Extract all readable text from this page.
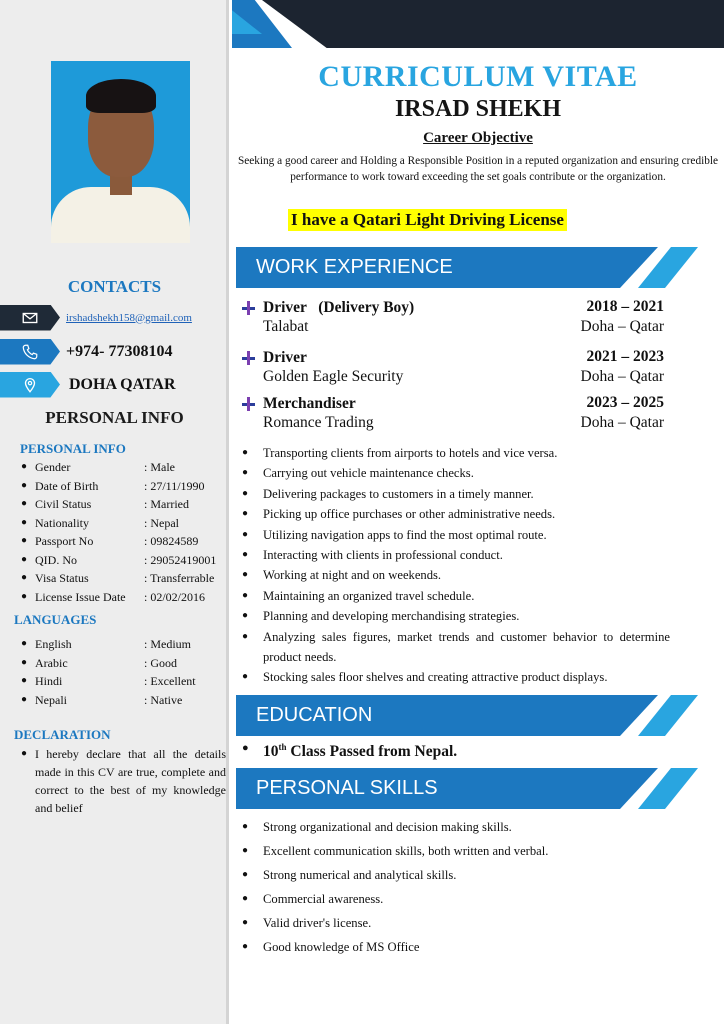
CONTACTS
irshadshekh158@gmail.com
+974- 77308104
DOHA QATAR
PERSONAL INFO
PERSONAL INFO
● Gender	: Male
● Date of Birth	: 27/11/1990
● Civil Status	: Married
● Nationality	: Nepal
● Passport No	: 09824589
● QID. No	: 29052419001
● Visa Status	: Transferrable
● License Issue Date	: 02/02/2016
LANGUAGES
● English	: Medium
● Arabic	: Good
● Hindi	: Excellent
● Nepali	: Native
DECLARATION
● I hereby declare that all the details made in this CV are true, complete and correct to the best of my knowledge and belief
CURRICULUM VITAE
IRSAD SHEKH
Career Objective
Seeking a good career and Holding a Responsible Position in a reputed organization and ensuring credible performance to work toward exceeding the set goals contribute or the organization.
I have a Qatari Light Driving License
WORK EXPERIENCE
Driver   (Delivery Boy)	2018 – 2021
Talabat	Doha – Qatar
Driver	2021 – 2023
Golden Eagle Security	Doha – Qatar
Merchandiser	2023 – 2025
Romance Trading	Doha – Qatar
●	Transporting clients from airports to hotels and vice versa.
●	Carrying out vehicle maintenance checks.
●	Delivering packages to customers in a timely manner.
●	Picking up office purchases or other administrative needs.
●	Utilizing navigation apps to find the most optimal route.
●	Interacting with clients in professional conduct.
●	Working at night and on weekends.
●	Maintaining an organized travel schedule.
●	Planning and developing merchandising strategies.
●	Analyzing sales figures, market trends and customer behavior to determine product needs.
●	Stocking sales floor shelves and creating attractive product displays.
EDUCATION
● 10th Class Passed from Nepal.
PERSONAL SKILLS
●	Strong organizational and decision making skills.
●	Excellent communication skills, both written and verbal.
●	Strong numerical and analytical skills.
●	Commercial awareness.
●	Valid driver's license.
●	Good knowledge of MS Office
